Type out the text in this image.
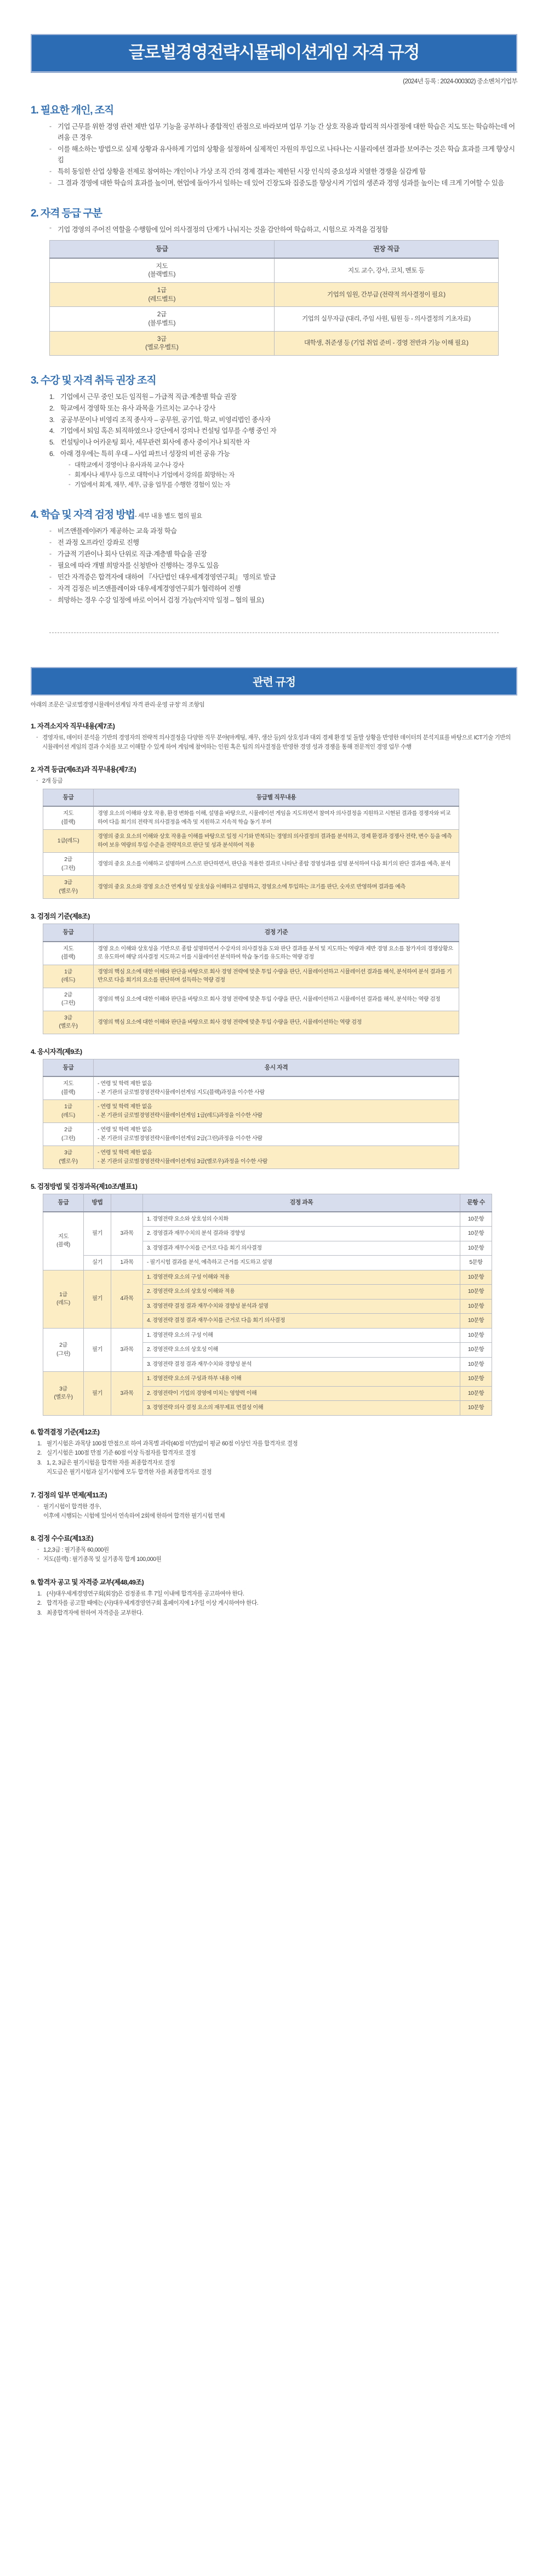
글로벌경영전략시뮬레이션게임 자격 규정
(2024년 등록 : 2024-000302) 중소벤처기업부
1. 필요한 개인, 조직
- 기업 근무를 위한 경영 관련 제반 업무 기능을 공부하나 종합적인 관점으로 바라보며 업무 기능 간 상호 작용과 합리적 의사결정에 대한 학습은 지도 또는 학습하는데 어려움 큰 경우
- 이를 해소하는 방법으로 실제 상황과 유사하게 기업의 상황을 설정하여 실제적인 자원의 투입으로 나타나는 시뮬리에션 결과를 보여주는 것은 학습 효과를 크게 향상시킴
- 특히 동일한 산업 상황을 전제로 참여하는 개인이나 가상 조직 간의 경제 결과는 제한된 시장 인식의 중요성과 치열한 경쟁을 실감케 함
- 그 결과 경영에 대한 학습의 효과를 높이며, 현업에 돌아가서 일하는 데 있어 긴장도와 집중도를 향상시켜 기업의 생존과 경영 성과를 높이는 데 크게 기여할 수 있음
2. 자격 등급 구분
- 기업 경영의 주어진 역할을 수행함에 있어 의사결정의 단계가 나눠지는 것을 감안하여 학습하고, 시험으로 자격을 검정함
등급	권장 직급
지도
(블랙벨트)	지도 교수, 강사, 코치, 멘토 등
1급
(레드벨트)	기업의 임원, 간부급 (전략적 의사결정이 필요)
2급
(블루벨트)	기업의 실무자급 (대리, 주임 사원, 팀원 등 - 의사결정의 기초자료)
3급
(옐로우벨트)	대학생, 취준생 등 (기업 취업 준비 - 경영 전반과 기능 이해 필요)
3. 수강 및 자격 취득 권장 조직
기업에서 근무 중인 모든 임직원 – 가급적 직급·계층별 학습 권장
학교에서 경영학 또는 유사 과목을 가르치는 교수나 강사
공공부문이나 비영리 조직 종사자 – 공무원, 공기업, 학교, 비영리법인 종사자
기업에서 퇴임 혹은 퇴직하였으나 강단에서 강의나 컨설팅 업무를 수행 중인 자
컨설팅이나 어카운팅 회사, 세무관련 회사에 종사 중이거나 퇴직한 자
아래 경우에는 특히 우대 – 사업 파트너 성장의 비전 공유 가능
- 대학교에서 경영이나 유사과목 교수나 강사
- 회계사나 세무사 등으로 대학이나 기업에서 강의를 희망하는 자
- 기업에서 회계, 재무, 세무, 금융 업무를 수행한 경험이 있는 자
4. 학습 및 자격 검정 방법- 세부 내용 별도 협의 필요
- 비즈앤플레이㈜가 제공하는 교육 과정 학습
- 전 과정 오프라인 강좌로 진행
- 가급적 기관이나 회사 단위로 직급·계층별 학습을 권장
- 필요에 따라 개별 희망자를 신청받아 진행하는 경우도 있음
- 민간 자격증은 합격자에 대하여 『사단법인 대우세계경영연구회』 명의로 발급
- 자격 검정은 비즈앤플레이와 대우세계경영연구회가 협력하여 진행
- 희망하는 경우 수강 일정에 바로 이어서 검정 가능(마지막 일정 – 협의 필요)
관련 규정
아래의 조문은 '글로벌경영시뮬레이션게임 자격 관리·운영 규정' 의 조항임
1. 자격소지자 직무내용(제7조)
- 경영자료, 데이터 분석을 기반의 경영자의 전략적 의사결정을 다양한 직무 분야(마케팅, 재무, 생산 등)의 상호성과 대외 경제 환경 및 돌발 상황을 반영한 데이터의 분석지표를 바탕으로 ICT기술 기반의 시뮬레이션 게임의 결과 수치를 보고 이해할 수 있게 하여 게임에 참여하는 인원 혹은 팀의 의사결정을 반영한 경영 성과 경쟁을 통해 전문적인 경영 업무 수행
2. 자격 등급(제6조)과 직무내용(제7조)
- 2개 등급
등급	등급별 직무내용
지도
(블랙)	경영 요소의 이해와 상호 작용, 환경 변화를 이해, 설명을 바탕으로, 시뮬레이션 게임을 지도하면서 참여자 의사결정을 지원하고 시현된 결과를 경쟁자와 비교하여 다음 회기의 전략적 의사결정을 예측 및 지원하고 지속적 학습 동기 부여
1급(레드)	경영의 중요 요소의 이해와 상호 작용을 이해를 바탕으로 일정 시기와 반복되는 경영의 의사결정의 결과를 분석하고, 경제 환경과 경쟁사 전략, 변수 등을 예측하여 보유 역량의 투입 수준을 전략적으로 판단 및 성과 분석하여 적용
2급
(그린)	경영의 중요 요소를 이해하고 설명하며 스스로 판단하면서, 판단을 적용한 결과로 나타난 종합 경영성과를 설명 분석하여 다음 회기의 판단 결과를 예측, 분석
3급
(옐로우)	경영의 중요 요소와 경영 요소간 연계성 및 상호성을 이해하고 설명하고, 경영요소에 투입하는 크기를 판단, 숫자로 반영하며 결과를 예측
3. 검정의 기준(제8조)
등급	검정 기준
지도
(블랙)	경영 요소 이해와 상호성을 기반으로 종합 설명하면서 수강자의 의사결정을 도와 판단 결과를 분석 및 지도하는 역량과 제반 경영 요소를 참가자의 경쟁상황으로 유도하여 해당 의사결정 지도하고 이를 시뮬레이션 분석하여 학습 동기를 유도하는 역량 검정
1급
(레드)	경영의 핵심 요소에 대한 이해와 판단을 바탕으로 회사 경영 전략에 맞춘 투입 수량을 판단, 시뮬레이션하고 시뮬레이션 결과를 해석, 분석하여 분석 결과를 기반으로 다음 회기의 요소를 판단하며 설득하는 역량 검정
2급
(그린)	경영의 핵심 요소에 대한 이해와 판단을 바탕으로 회사 경영 전략에 맞춘 투입 수량을 판단, 시뮬레이션하고 시뮬레이션 결과를 해석, 분석하는 역량 검정
3급
(옐로우)	경영의 핵심 요소에 대한 이해와 판단을 바탕으로 회사 경영 전략에 맞춘 투입 수량을 판단, 시뮬레이션하는 역량 검정
4. 응시자격(제9조)
등급	응시 자격
지도
(블랙)	- 연령 및 학력 제한 없음
- 본 기관의 글로벌경영전략시뮬레이션게임 지도(블랙)과정을 이수한 사람
1급
(레드)	- 연령 및 학력 제한 없음
- 본 기관의 글로벌경영전략시뮬레이션게임 1급(레드)과정을 이수한 사람
2급
(그린)	- 연령 및 학력 제한 없음
- 본 기관의 글로벌경영전략시뮬레이션게임 2급(그린)과정을 이수한 사람
3급
(옐로우)	- 연령 및 학력 제한 없음
- 본 기관의 글로벌경영전략시뮬레이션게임 3급(옐로우)과정을 이수한 사람
5. 검정방법 및 검정과목(제10조/별표1)
등급	방법		검정 과목	문항 수
지도
(블랙)	필기	3과목	1. 경영전략 요소와 상호성의 수치화	10문항
			2. 경영결과 재무수치의 분석 결과와 경향성	10문항
			3. 경영결과 재무수치를 근거로 다음 회기 의사결정	10문항
	실기	1과목	- 필기시험 결과를 분석, 예측하고 근거를 지도하고 설명	5문항
1급
(레드)	필기	4과목	1. 경영전략 요소의 구성 이해와 적용	10문항
			2. 경영전략 요소의 상호성 이해와 적용	10문항
			3. 경영전략 결정 결과 재무수치와 경향성 분석과 설명	10문항
			4. 경영전략 결정 결과 재무수치를 근거로 다음 회기 의사결정	10문항
2급
(그린)	필기	3과목	1. 경영전략 요소의 구성 이해	10문항
			2. 경영전략 요소의 상호성 이해	10문항
			3. 경영전략 결정 결과 재무수치와 경향성 분석	10문항
3급
(옐로우)	필기	3과목	1. 경영전략 요소의 구성과 하부 내용 이해	10문항
			2. 경영전략이 기업의 경영에 미치는 영향력 이해	10문항
			3. 경영전략 의사 결정 요소의 재무제표 연결성 이해	10문항
6. 합격결정 기준(제12조)
필기시험은 과목당 100점 만점으로 하여 과목별 과락(40점 미만)없이 평균 60점 이상인 자를 합격자로 결정
실기시험은 100점 만점 기준 60점 이상 득점자를 합격자로 결정
1, 2, 3급은 필기시험을 합격한 자를 최종합격자로 결정
지도급은 필기시험과 실기시험에 모두 합격한 자를 최종합격자로 결정
7. 검정의 일부 면제(제11조)
- 필기시험이 합격한 경우,
이후에 시행되는 시험에 있어서 연속하여 2회에 한하여 합격한 필기시험 면제
8. 검정 수수료(제13조)
- 1,2,3급 : 필기종목 60,000원
- 지도(블랙) : 필기종목 및 실기종목 합계 100,000원
9. 합격자 공고 및 자격증 교부(제48,49조)
(사)대우세계경영연구회(회장)은 검정종료 후 7일 이내에 합격자를 공고하여야 한다.
합격자를 공고할 때에는 (사)대우세계경영연구회 홈페이지에 1주일 이상 게시하여야 한다.
최종합격자에 한하여 자격증을 교부한다.
